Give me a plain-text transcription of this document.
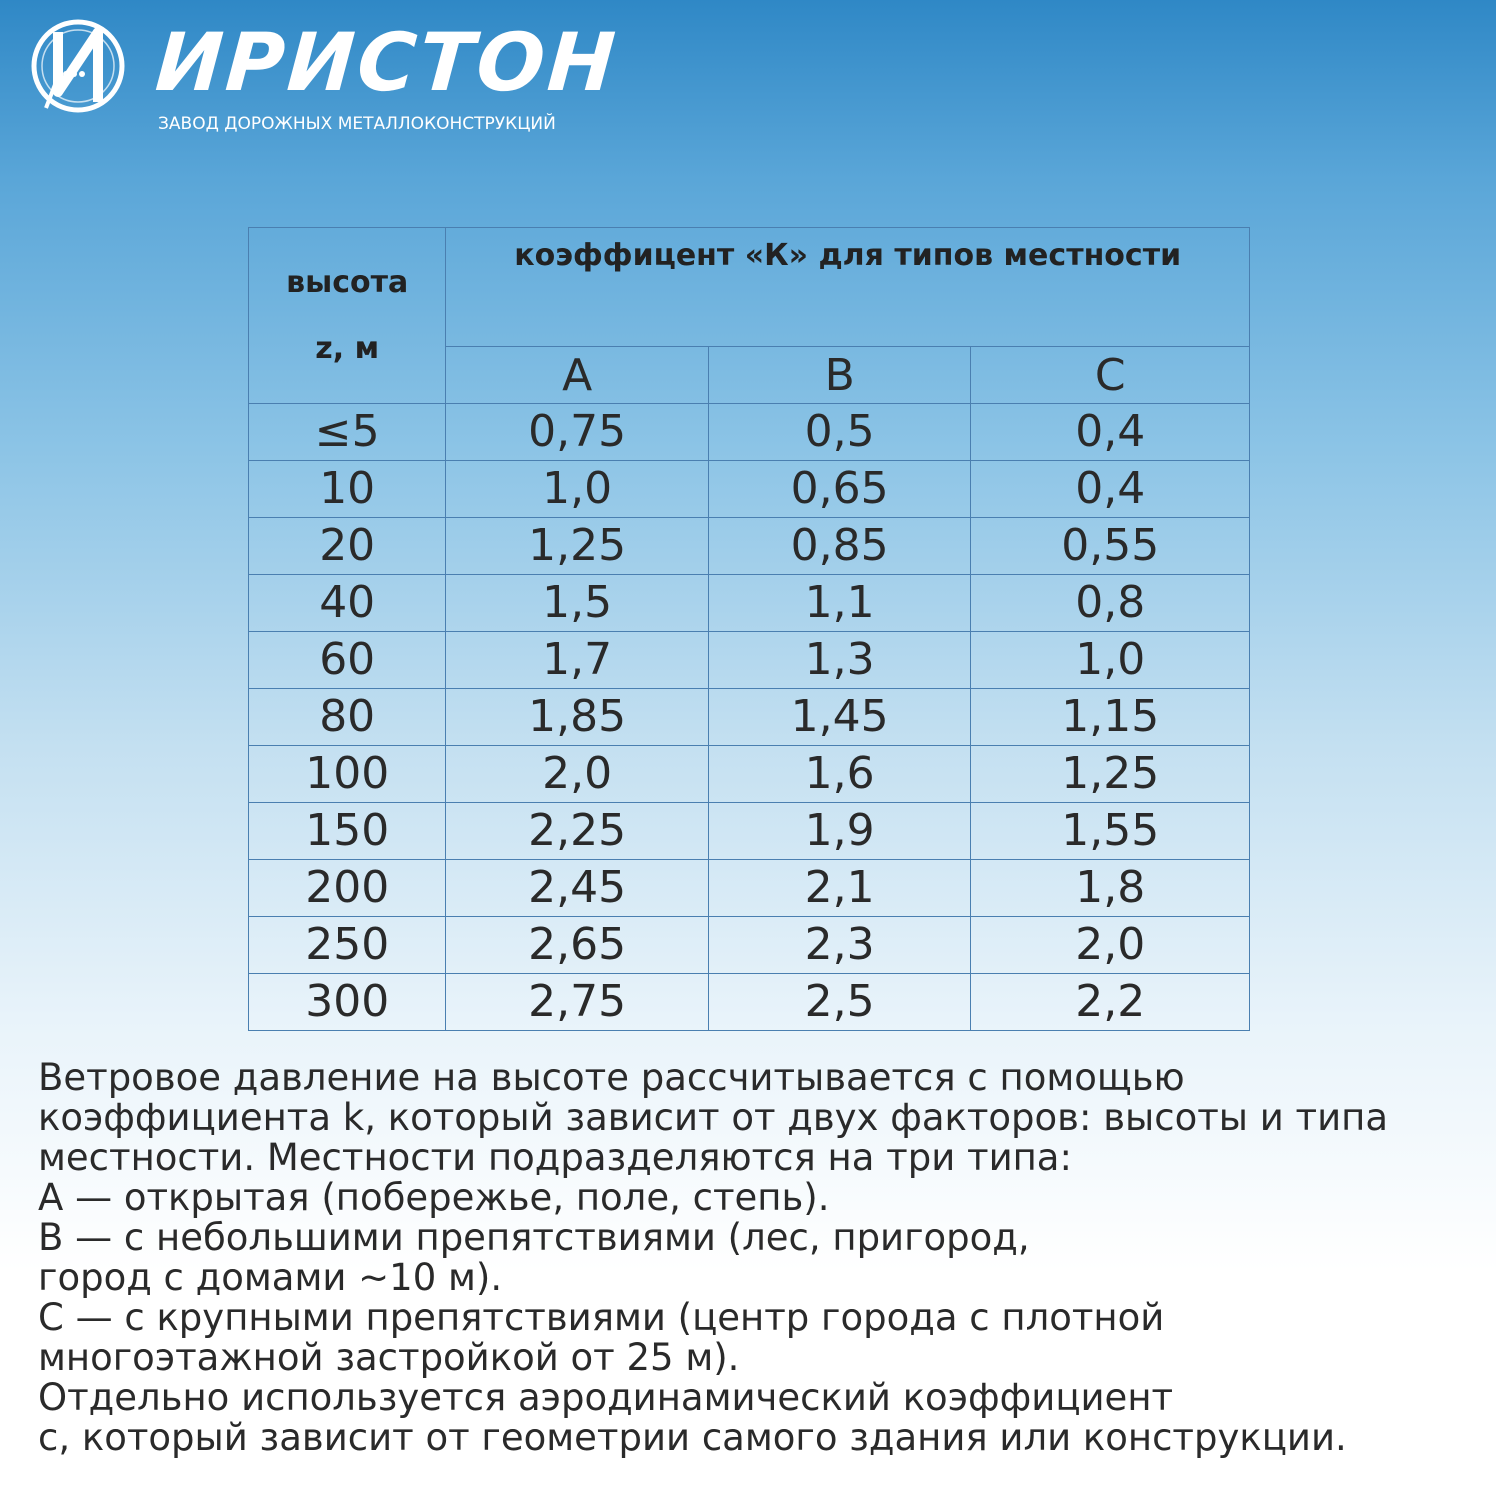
ИРИСТОН
ЗАВОД ДОРОЖНЫХ МЕТАЛЛОКОНСТРУКЦИЙ
высота
z, м	коэффицент «К» для типов местности		
	A	B	C
≤5	0,75	0,5	0,4
10	1,0	0,65	0,4
20	1,25	0,85	0,55
40	1,5	1,1	0,8
60	1,7	1,3	1,0
80	1,85	1,45	1,15
100	2,0	1,6	1,25
150	2,25	1,9	1,55
200	2,45	2,1	1,8
250	2,65	2,3	2,0
300	2,75	2,5	2,2

Ветровое давление на высоте рассчитывается с помощью

коэффициента k, который зависит от двух факторов: высоты и типа

местности. Местности подразделяются на три типа:

А — открытая (побережье, поле, степь).

В — с небольшими препятствиями (лес, пригород,

город с домами ~10 м).

С — с крупными препятствиями (центр города с плотной

многоэтажной застройкой от 25 м).

Отдельно используется аэродинамический коэффициент

с, который зависит от геометрии самого здания или конструкции.
